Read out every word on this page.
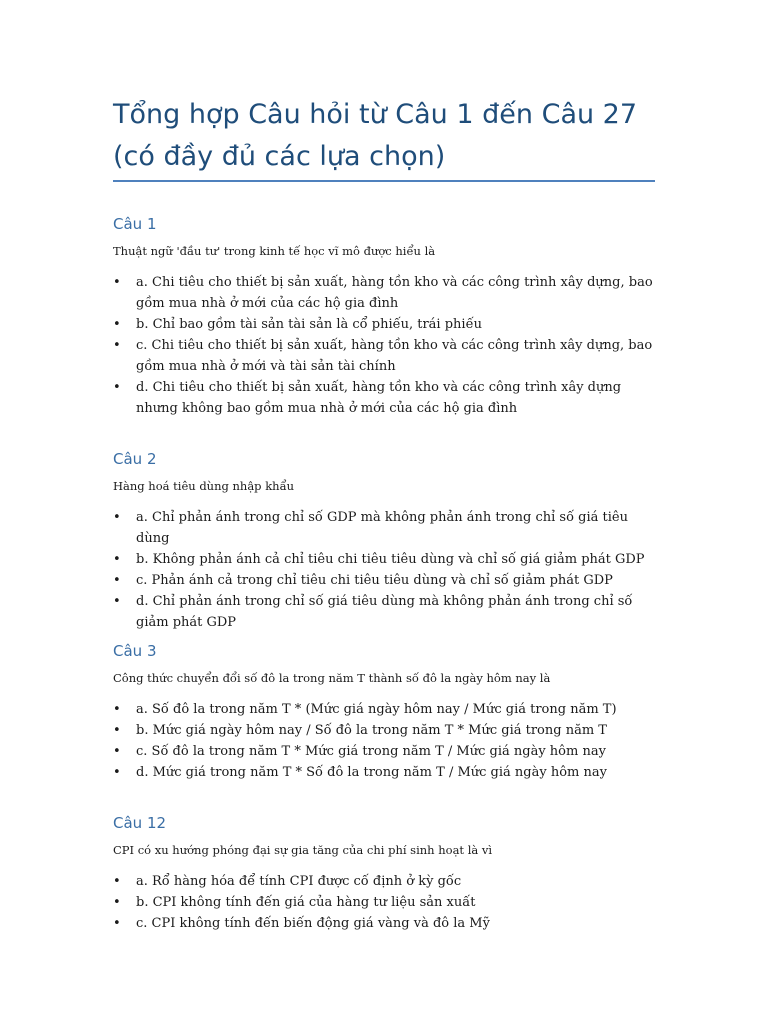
Tổng hợp Câu hỏi từ Câu 1 đến Câu 27 (có đầy đủ các lựa chọn)
Câu 1

Thuật ngữ 'đầu tư' trong kinh tế học vĩ mô được hiểu là

• a. Chi tiêu cho thiết bị sản xuất, hàng tồn kho và các công trình xây dựng, bao gồm mua nhà ở mới của các hộ gia đình
• b. Chỉ bao gồm tài sản tài sản là cổ phiếu, trái phiếu
• c. Chi tiêu cho thiết bị sản xuất, hàng tồn kho và các công trình xây dựng, bao gồm mua nhà ở mới và tài sản tài chính
• d. Chi tiêu cho thiết bị sản xuất, hàng tồn kho và các công trình xây dựng nhưng không bao gồm mua nhà ở mới của các hộ gia đình
Câu 2

Hàng hoá tiêu dùng nhập khẩu

• a. Chỉ phản ánh trong chỉ số GDP mà không phản ánh trong chỉ số giá tiêu dùng
• b. Không phản ánh cả chỉ tiêu chi tiêu tiêu dùng và chỉ số giá giảm phát GDP
• c. Phản ánh cả trong chỉ tiêu chi tiêu tiêu dùng và chỉ số giảm phát GDP
• d. Chỉ phản ánh trong chỉ số giá tiêu dùng mà không phản ánh trong chỉ số giảm phát GDP
Câu 3

Công thức chuyển đổi số đô la trong năm T thành số đô la ngày hôm nay là

• a. Số đô la trong năm T * (Mức giá ngày hôm nay / Mức giá trong năm T)
• b. Mức giá ngày hôm nay / Số đô la trong năm T * Mức giá trong năm T
• c. Số đô la trong năm T * Mức giá trong năm T / Mức giá ngày hôm nay
• d. Mức giá trong năm T * Số đô la trong năm T / Mức giá ngày hôm nay
Câu 12

CPI có xu hướng phóng đại sự gia tăng của chi phí sinh hoạt là vì

• a. Rổ hàng hóa để tính CPI được cố định ở kỳ gốc
• b. CPI không tính đến giá của hàng tư liệu sản xuất
• c. CPI không tính đến biến động giá vàng và đô la Mỹ
